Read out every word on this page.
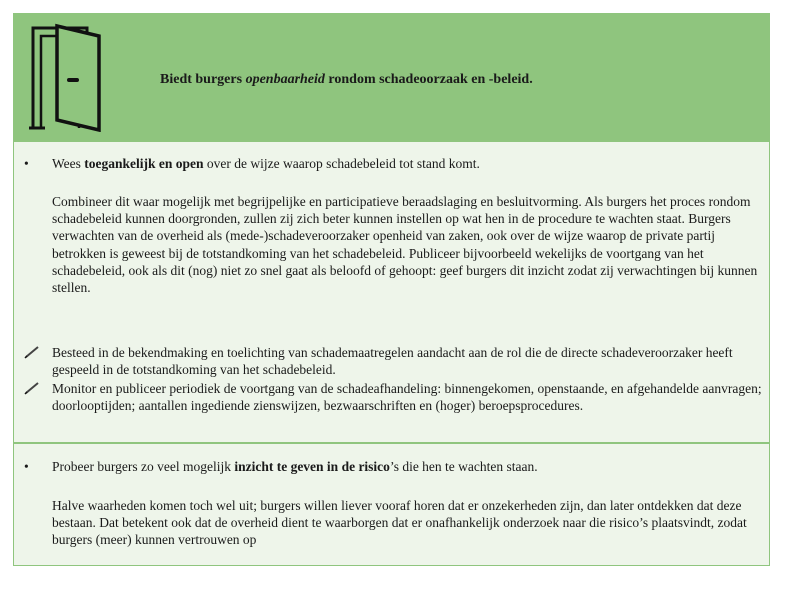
Biedt burgers openbaarheid rondom schadeoorzaak en -beleid.
• Wees toegankelijk en open over de wijze waarop schadebeleid tot stand komt.

Combineer dit waar mogelijk met begrijpelijke en participatieve beraadslaging en besluitvorming. Als burgers het proces rondom schadebeleid kunnen doorgronden, zullen zij zich beter kunnen instellen op wat hen in de procedure te wachten staat. Burgers verwachten van de overheid als (mede-)schadeveroorzaker openheid van zaken, ook over de wijze waarop de private partij betrokken is geweest bij de totstandkoming van het schadebeleid. Publiceer bijvoorbeeld wekelijks de voortgang van het schadebeleid, ook als dit (nog) niet zo snel gaat als beloofd of gehoopt: geef burgers dit inzicht zodat zij verwachtingen bij kunnen stellen.

Besteed in de bekendmaking en toelichting van schademaatregelen aandacht aan de rol die de directe schadeveroorzaker heeft gespeeld in de totstandkoming van het schadebeleid.

Monitor en publiceer periodiek de voortgang van de schadeafhandeling: binnengekomen, openstaande, en afgehandelde aanvragen; doorlooptijden; aantallen ingediende zienswijzen, bezwaarschriften en (hoger) beroepsprocedures.

• Probeer burgers zo veel mogelijk inzicht te geven in de risico’s die hen te wachten staan.

Halve waarheden komen toch wel uit; burgers willen liever vooraf horen dat er onzekerheden zijn, dan later ontdekken dat deze bestaan. Dat betekent ook dat de overheid dient te waarborgen dat er onafhankelijk onderzoek naar die risico’s plaatsvindt, zodat burgers (meer) kunnen vertrouwen op
